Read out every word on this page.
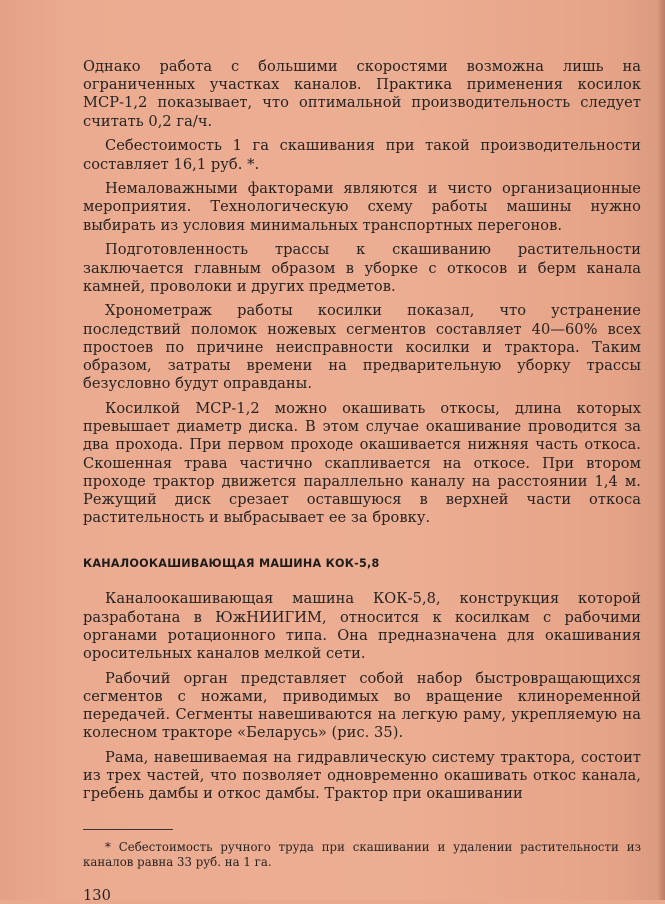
Однако работа с большими скоростями возможна лишь на ограниченных участках каналов. Практика применения косилок МСР-1,2 показывает, что оптимальной производительность следует считать 0,2 га/ч.

Себестоимость 1 га скашивания при такой производительности составляет 16,1 руб. *.

Немаловажными факторами являются и чисто организационные мероприятия. Технологическую схему работы машины нужно выбирать из условия минимальных транспортных перегонов.

Подготовленность трассы к скашиванию растительности заключается главным образом в уборке с откосов и берм канала камней, проволоки и других предметов.

Хронометраж работы косилки показал, что устранение последствий поломок ножевых сегментов составляет 40—60% всех простоев по причине неисправности косилки и трактора. Таким образом, затраты времени на предварительную уборку трассы безусловно будут оправданы.

Косилкой МСР-1,2 можно окашивать откосы, длина которых превышает диаметр диска. В этом случае окашивание проводится за два прохода. При первом проходе окашивается нижняя часть откоса. Скошенная трава частично скапливается на откосе. При втором проходе трактор движется параллельно каналу на расстоянии 1,4 м. Режущий диск срезает оставшуюся в верхней части откоса растительность и выбрасывает ее за бровку.

КАНАЛООКАШИВАЮЩАЯ МАШИНА КОК-5,8

Каналоокашивающая машина КОК-5,8, конструкция которой разработана в ЮжНИИГИМ, относится к косилкам с рабочими органами ротационного типа. Она предназначена для окашивания оросительных каналов мелкой сети.

Рабочий орган представляет собой набор быстровращающихся сегментов с ножами, приводимых во вращение клиноременной передачей. Сегменты навешиваются на легкую раму, укрепляемую на колесном тракторе «Беларусь» (рис. 35).

Рама, навешиваемая на гидравлическую систему трактора, состоит из трех частей, что позволяет одновременно окашивать откос канала, гребень дамбы и откос дамбы. Трактор при окашивании

* Себестоимость ручного труда при скашивании и удалении растительности из каналов равна 33 руб. на 1 га.

130
